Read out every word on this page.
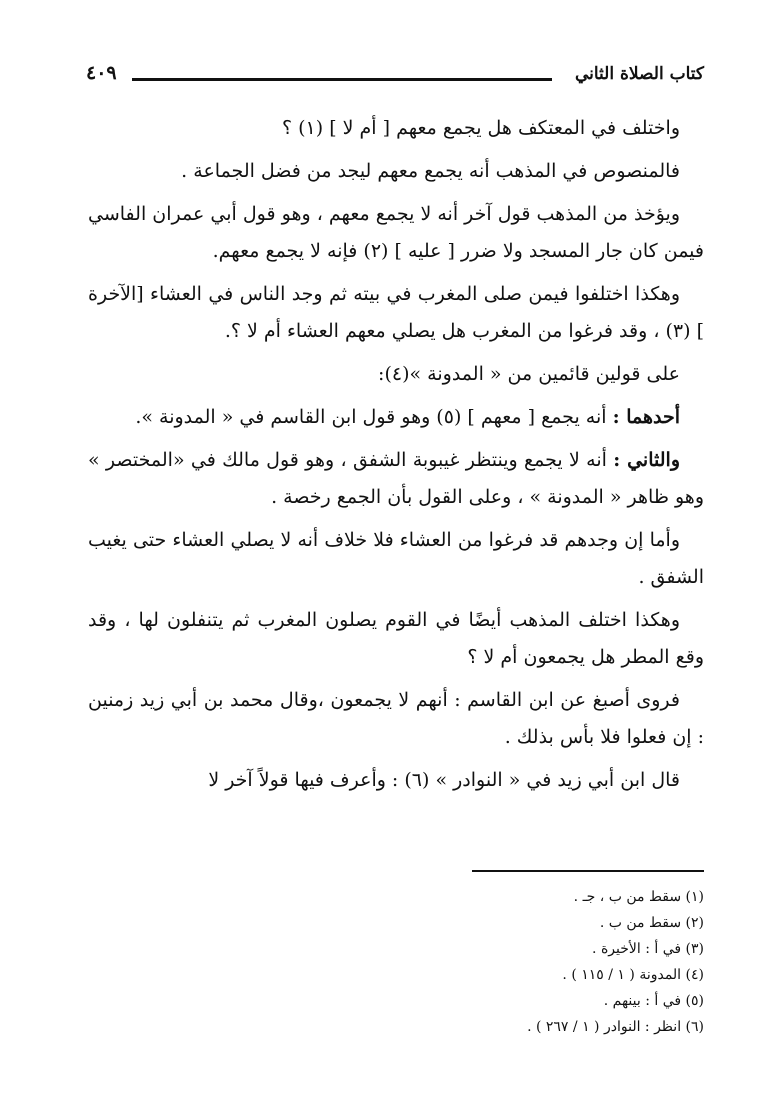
كتاب الصلاة الثاني
٤٠٩

واختلف في المعتكف هل يجمع معهم [ أم لا ] (١) ؟

فالمنصوص في المذهب أنه يجمع معهم ليجد من فضل الجماعة .

ويؤخذ من المذهب قول آخر أنه لا يجمع معهم ، وهو قول أبي عمران الفاسي فيمن كان جار المسجد ولا ضرر [ عليه ] (٢) فإنه لا يجمع معهم.

وهكذا اختلفوا فيمن صلى المغرب في بيته ثم وجد الناس في العشاء [الآخرة ] (٣) ، وقد فرغوا من المغرب هل يصلي معهم العشاء أم لا ؟.

على قولين قائمين من « المدونة »(٤):

أحدهما : أنه يجمع [ معهم ] (٥) وهو قول ابن القاسم في « المدونة ».

والثاني : أنه لا يجمع وينتظر غيبوبة الشفق ، وهو قول مالك في «المختصر » وهو ظاهر « المدونة » ، وعلى القول بأن الجمع رخصة .

وأما إن وجدهم قد فرغوا من العشاء فلا خلاف أنه لا يصلي العشاء حتى يغيب الشفق .

وهكذا اختلف المذهب أيضًا في القوم يصلون المغرب ثم يتنفلون لها ، وقد وقع المطر هل يجمعون أم لا ؟

فروى أصبغ عن ابن القاسم : أنهم لا يجمعون ،وقال محمد بن أبي زيد زمنين : إن فعلوا فلا بأس بذلك .

قال ابن أبي زيد في « النوادر » (٦) : وأعرف فيها قولاً آخر لا

(١) سقط من ب ، جـ .
(٢) سقط من ب .
(٣) في أ : الأخيرة .
(٤) المدونة ( ١ / ١١٥ ) .
(٥) في أ : بينهم .
(٦) انظر : النوادر ( ١ / ٢٦٧ ) .
